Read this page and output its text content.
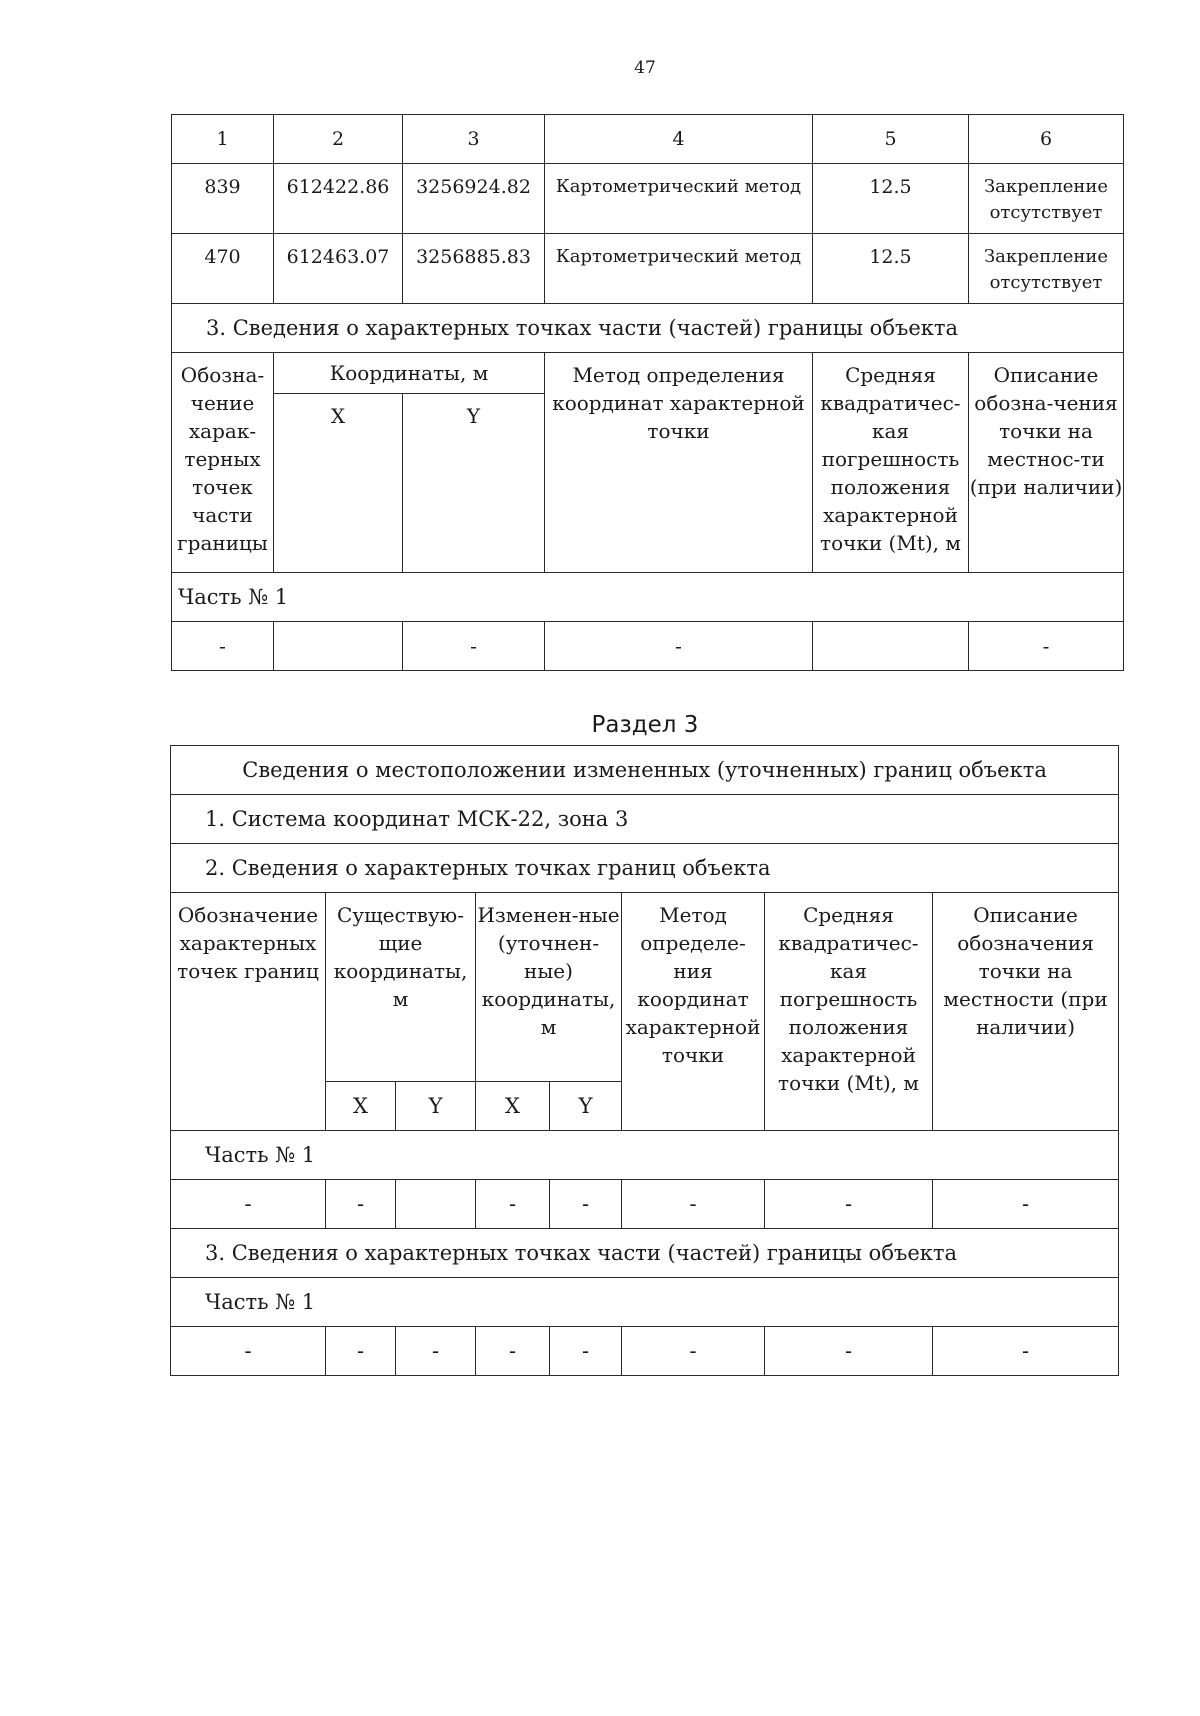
47
1	2	3	4	5	6
839	612422.86	3256924.82	Картометрический метод	12.5	Закрепление отсутствует
470	612463.07	3256885.83	Картометрический метод	12.5	Закрепление отсутствует
3. Сведения о характерных точках части (частей) границы объекта					
Обозна-чение харак-терных точек части границы	Координаты, м		Метод определения координат характерной точки	Средняя квадратичес-кая погрешность положения характерной точки (Mt), м	Описание обозна-чения точки на местнос-ти (при наличии)
	X	Y			
Часть № 1					
-		-	-		-
Раздел 3
Сведения о местоположении измененных (уточненных) границ объекта							
1. Система координат МСК-22, зона 3							
2. Сведения о характерных точках границ объекта							
Обозначение характерных точек границ	Существую-щие координаты, м		Изменен-ные (уточнен-ные) координаты, м		Метод определе-ния координат характерной точки	Средняя квадратичес-кая погрешность положения характерной точки (Mt), м	Описание обозначения точки на местности (при наличии)
	X	Y	X	Y			
Часть № 1							
-	-		-	-	-	-	-
3. Сведения о характерных точках части (частей) границы объекта							
Часть № 1							
-	-	-	-	-	-	-	-
